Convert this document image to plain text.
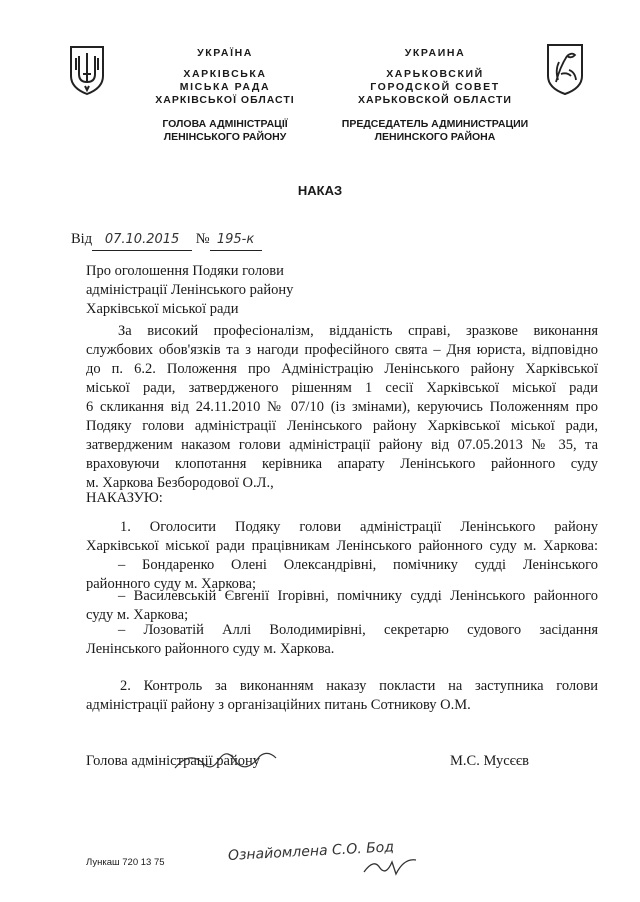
УКРАЇНА
ХАРКІВСЬКА
МІСЬКА РАДА
ХАРКІВСЬКОЇ ОБЛАСТІ
ГОЛОВА АДМІНІСТРАЦІЇ
ЛЕНІНСЬКОГО РАЙОНУ
УКРАИНА
ХАРЬКОВСКИЙ
ГОРОДСКОЙ СОВЕТ
ХАРЬКОВСКОЙ ОБЛАСТИ
ПРЕДСЕДАТЕЛЬ АДМИНИСТРАЦИИ
ЛЕНИНСКОГО РАЙОНА
НАКАЗ
Від 07.10.2015 № 195-к
Про оголошення Подяки голови
адміністрації Ленінського району
Харківської міської ради
За високий професіоналізм, відданість справі, зразкове виконання
службових обов'язків та з нагоди професійного свята – Дня юриста, відповідно
до п. 6.2. Положення про Адміністрацію Ленінського району Харківської
міської ради, затвердженого рішенням 1 сесії Харківської міської ради
6 скликання від 24.11.2010 № 07/10 (із змінами), керуючись Положенням про
Подяку голови адміністрації Ленінського району Харківської міської ради,
затвердженим наказом голови адміністрації району від 07.05.2013 № 35, та
враховуючи клопотання керівника апарату Ленінського районного суду
м. Харкова Безбородової О.Л.,
НАКАЗУЮ:
1. Оголосити Подяку голови адміністрації Ленінського району
Харківської міської ради працівникам Ленінського районного суду м. Харкова:
– Бондаренко Олені Олександрівні, помічнику судді Ленінського
районного суду м. Харкова;
– Василевській Євгенії Ігорівні, помічнику судді Ленінського районного
суду м. Харкова;
– Лозоватій Аллі Володимирівні, секретарю судового засідання
Ленінського районного суду м. Харкова.
2. Контроль за виконанням наказу покласти на заступника голови
адміністрації району з організаційних питань Сотникову О.М.
Голова адміністрації району	М.С. Мусєєв
Лункаш 720 13 75	Ознайомлена С.О. Бод
